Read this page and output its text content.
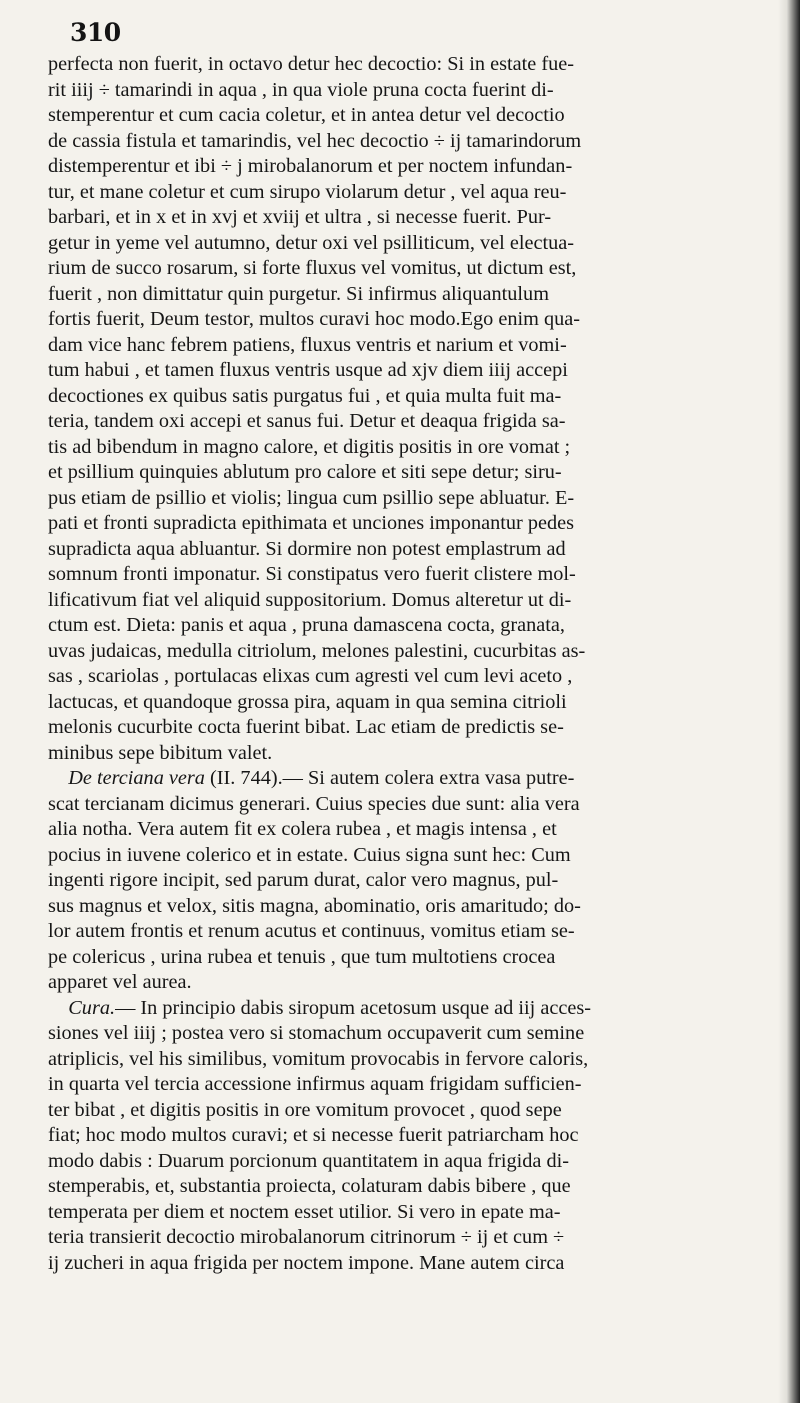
310
perfecta non fuerit, in octavo detur hec decoctio: Si in estate fue-
rit iiij ÷ tamarindi in aqua , in qua viole pruna cocta fuerint di-
stemperentur et cum cacia coletur, et in antea detur vel decoctio
de cassia fistula et tamarindis, vel hec decoctio ÷ ij tamarindorum
distemperentur et ibi ÷ j mirobalanorum et per noctem infundan-
tur, et mane coletur et cum sirupo violarum detur , vel aqua reu-
barbari, et in x et in xvj et xviij et ultra , si necesse fuerit. Pur-
getur in yeme vel autumno, detur oxi vel psilliticum, vel electua-
rium de succo rosarum, si forte fluxus vel vomitus, ut dictum est,
fuerit , non dimittatur quin purgetur. Si infirmus aliquantulum
fortis fuerit, Deum testor, multos curavi hoc modo.Ego enim qua-
dam vice hanc febrem patiens, fluxus ventris et narium et vomi-
tum habui , et tamen fluxus ventris usque ad xjv diem iiij accepi
decoctiones ex quibus satis purgatus fui , et quia multa fuit ma-
teria, tandem oxi accepi et sanus fui. Detur et deaqua frigida sa-
tis ad bibendum in magno calore, et digitis positis in ore vomat ;
et psillium quinquies ablutum pro calore et siti sepe detur; siru-
pus etiam de psillio et violis; lingua cum psillio sepe abluatur. E-
pati et fronti supradicta epithimata et unciones imponantur pedes
supradicta aqua abluantur. Si dormire non potest emplastrum ad
somnum fronti imponatur. Si constipatus vero fuerit clistere mol-
lificativum fiat vel aliquid suppositorium. Domus alteretur ut di-
ctum est. Dieta: panis et aqua , pruna damascena cocta, granata,
uvas judaicas, medulla citriolum, melones palestini, cucurbitas as-
sas , scariolas , portulacas elixas cum agresti vel cum levi aceto ,
lactucas, et quandoque grossa pira, aquam in qua semina citrioli
melonis cucurbite cocta fuerint bibat. Lac etiam de predictis se-
minibus sepe bibitum valet.
De terciana vera (II. 744).— Si autem colera extra vasa putre-
scat tercianam dicimus generari. Cuius species due sunt: alia vera
alia notha. Vera autem fit ex colera rubea , et magis intensa , et
pocius in iuvene colerico et in estate. Cuius signa sunt hec: Cum
ingenti rigore incipit, sed parum durat, calor vero magnus, pul-
sus magnus et velox, sitis magna, abominatio, oris amaritudo; do-
lor autem frontis et renum acutus et continuus, vomitus etiam se-
pe colericus , urina rubea et tenuis , que tum multotiens crocea
apparet vel aurea.
Cura.— In principio dabis siropum acetosum usque ad iij acces-
siones vel iiij ; postea vero si stomachum occupaverit cum semine
atriplicis, vel his similibus, vomitum provocabis in fervore caloris,
in quarta vel tercia accessione infirmus aquam frigidam sufficien-
ter bibat , et digitis positis in ore vomitum provocet , quod sepe
fiat; hoc modo multos curavi; et si necesse fuerit patriarcham hoc
modo dabis : Duarum porcionum quantitatem in aqua frigida di-
stemperabis, et, substantia proiecta, colaturam dabis bibere , que
temperata per diem et noctem esset utilior. Si vero in epate ma-
teria transierit decoctio mirobalanorum citrinorum ÷ ij et cum ÷
ij zucheri in aqua frigida per noctem impone. Mane autem circa
